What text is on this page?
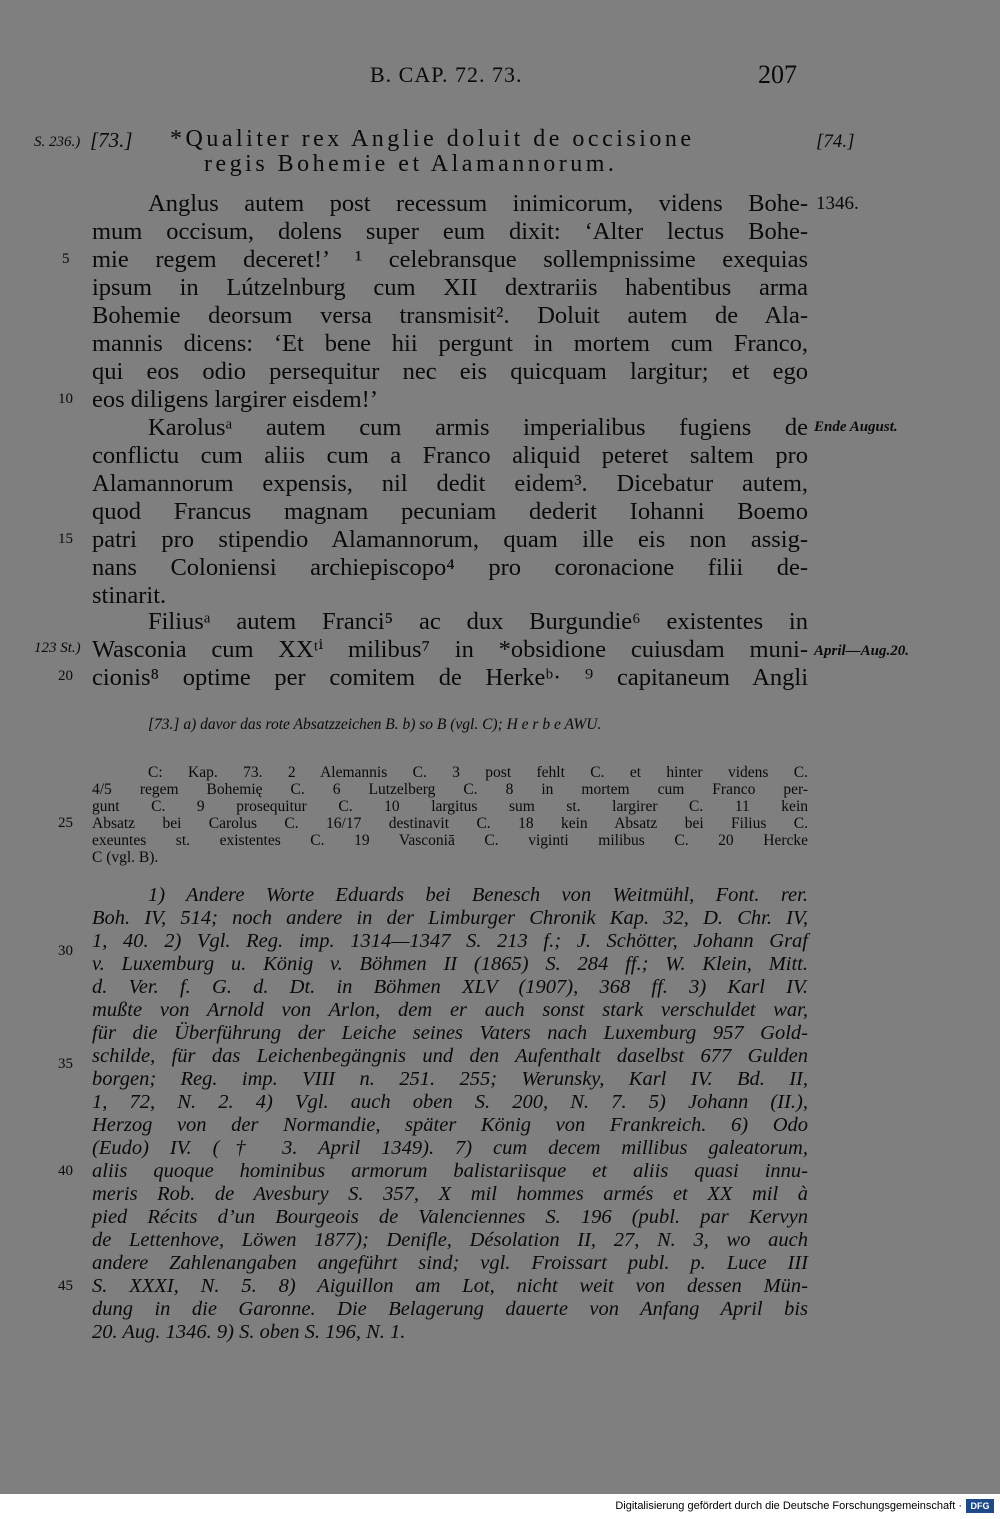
B. CAP. 72. 73.	207
S. 236.) [73.]	[74.]
*Qualiter rex Anglie doluit de occisione
regis Bohemie et Alamannorum.
1346.
Ende August.
April—Aug.20.
123 St.)
5
10
15
20
25
30
35
40
45
Anglus autem post recessum inimicorum, videns Bohe-
mum occisum, dolens super eum dixit: ‘Alter lectus Bohe-
mie regem deceret!’ ¹ celebransque sollempnissime exequias
ipsum in Lútzelnburg cum XII dextrariis habentibus arma
Bohemie deorsum versa transmisit². Doluit autem de Ala-
mannis dicens: ‘Et bene hii pergunt in mortem cum Franco,
qui eos odio persequitur nec eis quicquam largitur; et ego
eos diligens largirer eisdem!’
Karolusᵃ autem cum armis imperialibus fugiens de
conflictu cum aliis cum a Franco aliquid peteret saltem pro
Alamannorum expensis, nil dedit eidem³. Dicebatur autem,
quod Francus magnam pecuniam dederit Iohanni Boemo
patri pro stipendio Alamannorum, quam ille eis non assig-
nans Coloniensi archiepiscopo⁴ pro coronacione filii de-
stinarit.
Filiusᵃ autem Franci⁵ ac dux Burgundie⁶ existentes in
Wasconia cum XXᵗⁱ milibus⁷ in *obsidione cuiusdam muni-
cionis⁸ optime per comitem de Herkeᵇ· ⁹ capitaneum Angli
[73.] a) davor das rote Absatzzeichen B. b) so B (vgl. C); H e r b e AWU.
C: Kap. 73. 2 Alemannis C. 3 post fehlt C. et hinter videns C.
4/5 regem Bohemię C. 6 Lutzelberg C. 8 in mortem cum Franco per-
gunt C. 9 prosequitur C. 10 largitus sum st. largirer C. 11 kein
Absatz bei Carolus C. 16/17 destinavit C. 18 kein Absatz bei Filius C.
exeuntes st. existentes C. 19 Vasconiā C. viginti milibus C. 20 Hercke
C (vgl. B).
1) Andere Worte Eduards bei Benesch von Weitmühl, Font. rer.
Boh. IV, 514; noch andere in der Limburger Chronik Kap. 32, D. Chr. IV,
1, 40. 2) Vgl. Reg. imp. 1314—1347 S. 213 f.; J. Schötter, Johann Graf
v. Luxemburg u. König v. Böhmen II (1865) S. 284 ff.; W. Klein, Mitt.
d. Ver. f. G. d. Dt. in Böhmen XLV (1907), 368 ff. 3) Karl IV.
mußte von Arnold von Arlon, dem er auch sonst stark verschuldet war,
für die Überführung der Leiche seines Vaters nach Luxemburg 957 Gold-
schilde, für das Leichenbegängnis und den Aufenthalt daselbst 677 Gulden
borgen; Reg. imp. VIII n. 251. 255; Werunsky, Karl IV. Bd. II,
1, 72, N. 2. 4) Vgl. auch oben S. 200, N. 7. 5) Johann (II.),
Herzog von der Normandie, später König von Frankreich. 6) Odo
(Eudo) IV. († 3. April 1349). 7) cum decem millibus galeatorum,
aliis quoque hominibus armorum balistariisque et aliis quasi innu-
meris Rob. de Avesbury S. 357, X mil hommes armés et XX mil à
pied Récits d’un Bourgeois de Valenciennes S. 196 (publ. par Kervyn
de Lettenhove, Löwen 1877); Denifle, Désolation II, 27, N. 3, wo auch
andere Zahlenangaben angeführt sind; vgl. Froissart publ. p. Luce III
S. XXXI, N. 5. 8) Aiguillon am Lot, nicht weit von dessen Mün-
dung in die Garonne. Die Belagerung dauerte von Anfang April bis
20. Aug. 1346. 9) S. oben S. 196, N. 1.
Digitalisierung gefördert durch die Deutsche Forschungsgemeinschaft · DFG
